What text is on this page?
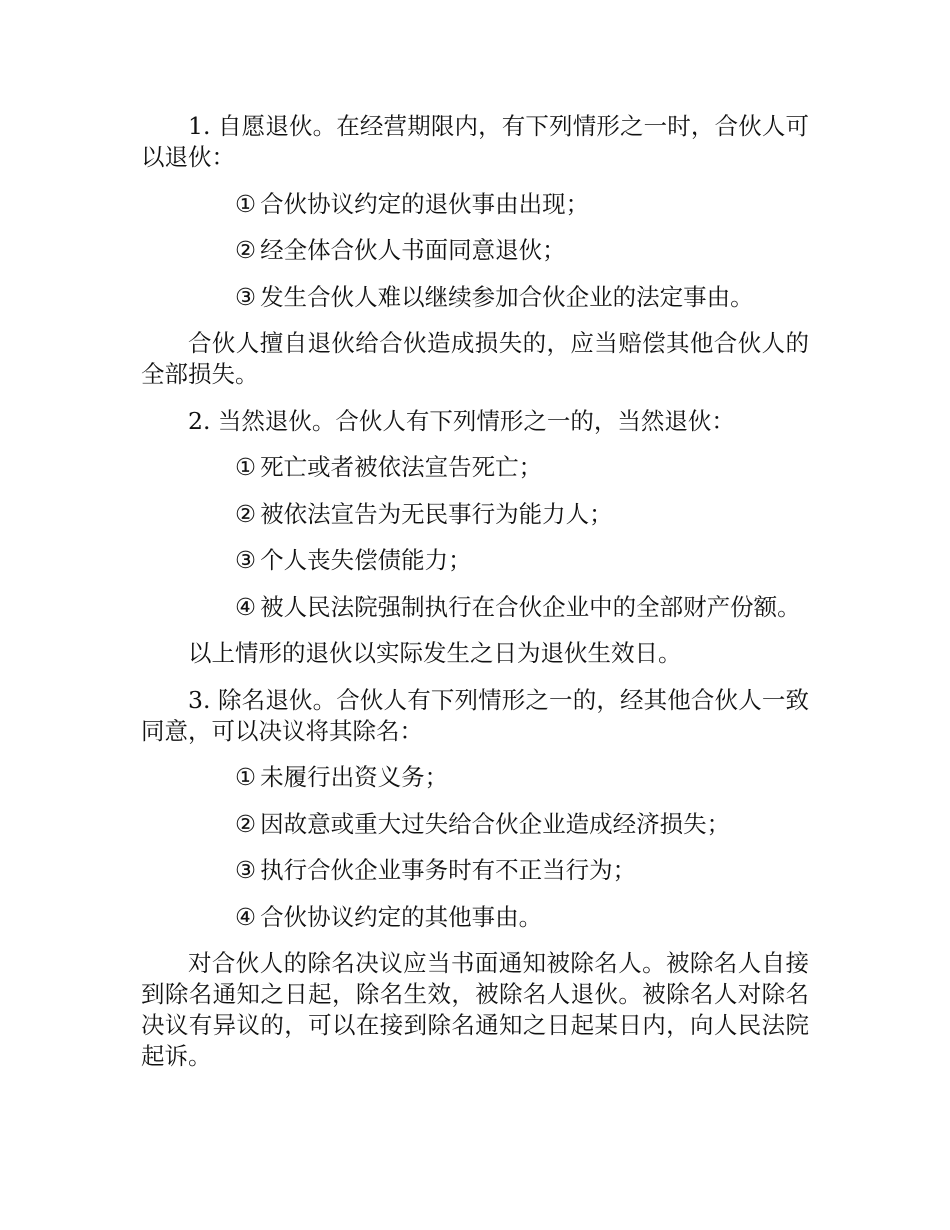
1. 自愿退伙。在经营期限内，有下列情形之一时，合伙人可以退伙：

① 合伙协议约定的退伙事由出现；

② 经全体合伙人书面同意退伙；

③ 发生合伙人难以继续参加合伙企业的法定事由。

合伙人擅自退伙给合伙造成损失的，应当赔偿其他合伙人的全部损失。

2. 当然退伙。合伙人有下列情形之一的，当然退伙：

① 死亡或者被依法宣告死亡；

② 被依法宣告为无民事行为能力人；

③ 个人丧失偿债能力；

④ 被人民法院强制执行在合伙企业中的全部财产份额。

以上情形的退伙以实际发生之日为退伙生效日。

3. 除名退伙。合伙人有下列情形之一的，经其他合伙人一致同意，可以决议将其除名：

① 未履行出资义务；

② 因故意或重大过失给合伙企业造成经济损失；

③ 执行合伙企业事务时有不正当行为；

④ 合伙协议约定的其他事由。

对合伙人的除名决议应当书面通知被除名人。被除名人自接到除名通知之日起，除名生效，被除名人退伙。被除名人对除名决议有异议的，可以在接到除名通知之日起某日内，向人民法院起诉。
